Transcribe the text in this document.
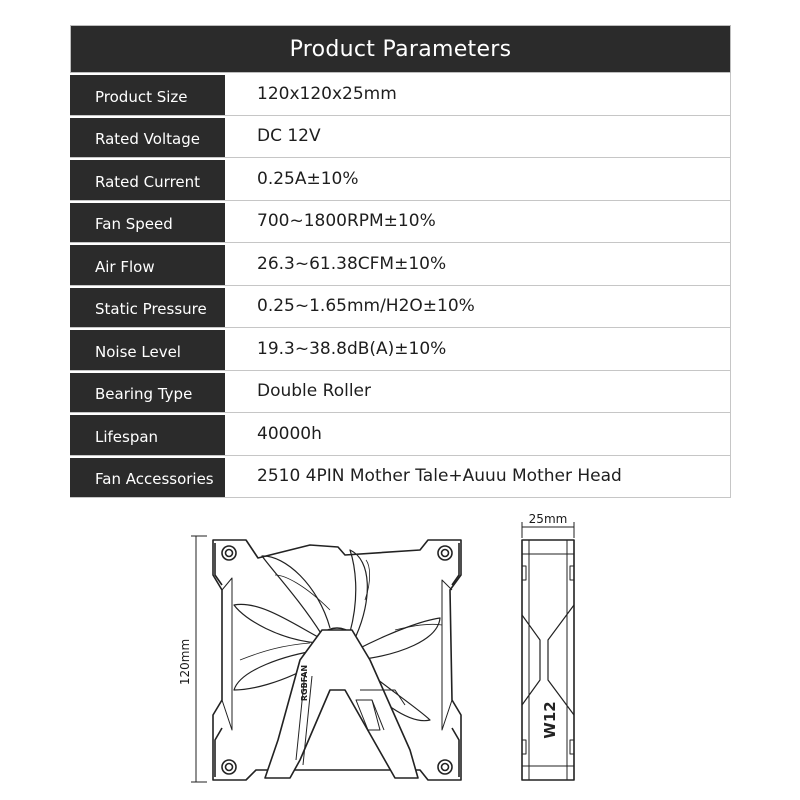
Product Parameters
Product Size	120x120x25mm
Rated Voltage	DC 12V
Rated Current	0.25A±10%
Fan Speed	700~1800RPM±10%
Air Flow	26.3~61.38CFM±10%
Static Pressure	0.25~1.65mm/H2O±10%
Noise Level	19.3~38.8dB(A)±10%
Bearing Type	Double Roller
Lifespan	40000h
Fan Accessories	2510 4PIN Mother Tale+Auuu Mother Head
120mm	RGBFAN
25mm
W12
